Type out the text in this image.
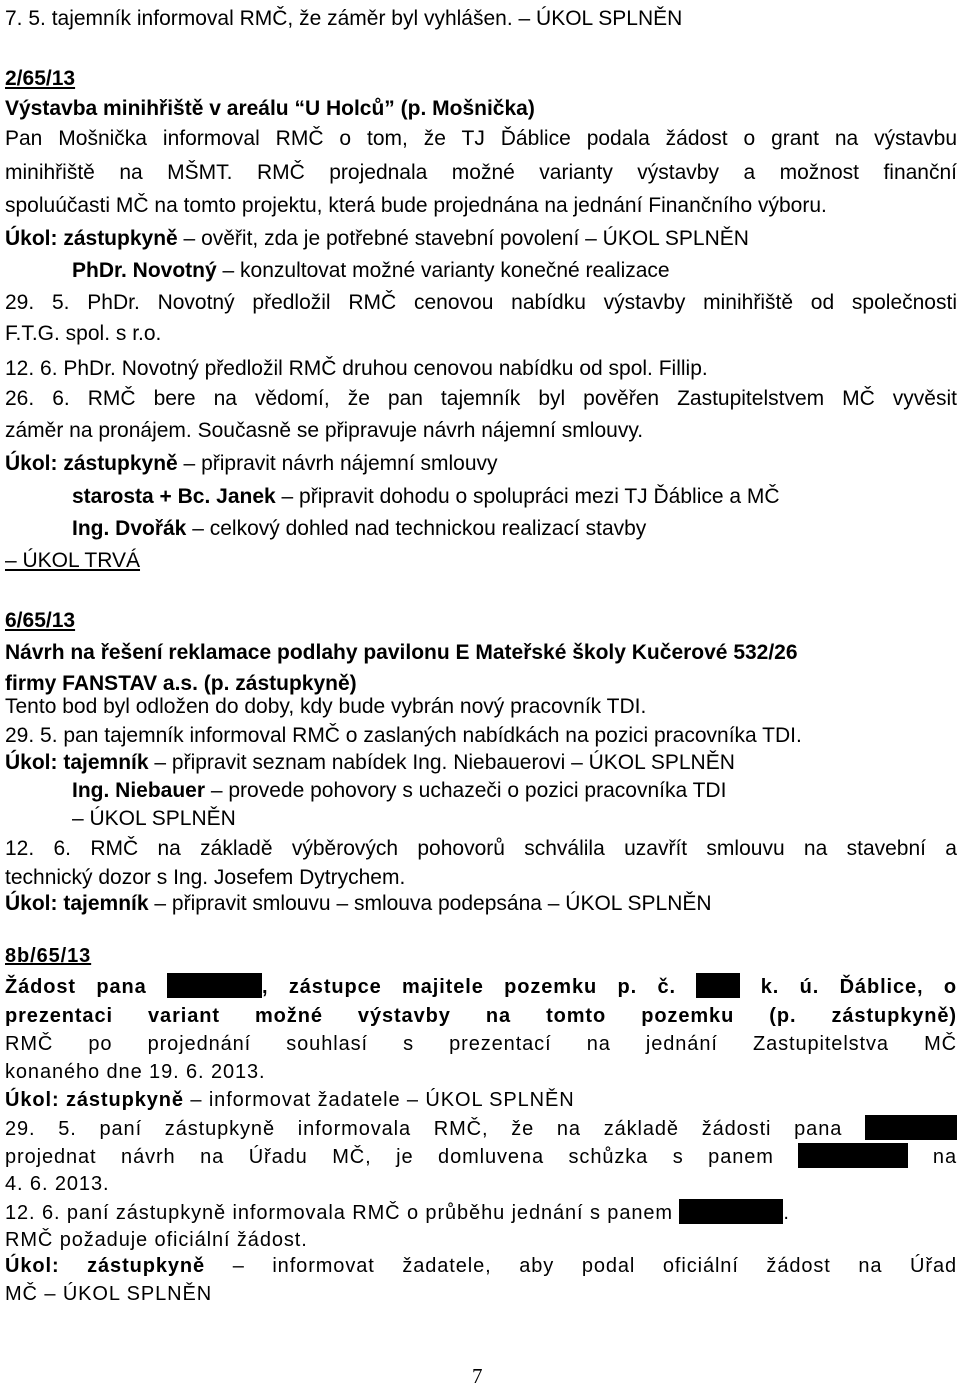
7. 5. tajemník informoval RMČ, že záměr byl vyhlášen. – ÚKOL SPLNĚN
2/65/13
Výstavba minihřiště v areálu “U Holců” (p. Mošnička)
Pan Mošnička informoval RMČ o tom, že TJ Ďáblice podala žádost o grant na výstavbu
minihřiště na MŠMT. RMČ projednala možné varianty výstavby a možnost finanční
spoluúčasti MČ na tomto projektu, která bude projednána na jednání Finančního výboru.
Úkol: zástupkyně – ověřit, zda je potřebné stavební povolení – ÚKOL SPLNĚN
PhDr. Novotný – konzultovat možné varianty konečné realizace
29. 5. PhDr. Novotný předložil RMČ cenovou nabídku výstavby minihřiště od společnosti
F.T.G. spol. s r.o.
12. 6. PhDr. Novotný předložil RMČ druhou cenovou nabídku od spol. Fillip.
26. 6. RMČ bere na vědomí, že pan tajemník byl pověřen Zastupitelstvem MČ vyvěsit
záměr na pronájem. Současně se připravuje návrh nájemní smlouvy.
Úkol: zástupkyně – připravit návrh nájemní smlouvy
starosta + Bc. Janek – připravit dohodu o spolupráci mezi TJ Ďáblice a MČ
Ing. Dvořák – celkový dohled nad technickou realizací stavby
– ÚKOL TRVÁ
6/65/13
Návrh na řešení reklamace podlahy pavilonu E Mateřské školy Kučerové 532/26
firmy FANSTAV a.s. (p. zástupkyně)
Tento bod byl odložen do doby, kdy bude vybrán nový pracovník TDI.
29. 5. pan tajemník informoval RMČ o zaslaných nabídkách na pozici pracovníka TDI.
Úkol: tajemník – připravit seznam nabídek Ing. Niebauerovi – ÚKOL SPLNĚN
Ing. Niebauer – provede pohovory s uchazeči o pozici pracovníka TDI
– ÚKOL SPLNĚN
12. 6. RMČ na základě výběrových pohovorů schválila uzavřít smlouvu na stavební a
technický dozor s Ing. Josefem Dytrychem.
Úkol: tajemník – připravit smlouvu – smlouva podepsána – ÚKOL SPLNĚN
8b/65/13
Žádost pana	, zástupce majitele pozemku p. č.  k. ú. Ďáblice, o
prezentaci variant možné výstavby na tomto pozemku (p. zástupkyně)
RMČ po projednání souhlasí s prezentací na jednání Zastupitelstva MČ
konaného dne 19. 6. 2013.
Úkol: zástupkyně – informovat žadatele – ÚKOL SPLNĚN
29. 5. paní zástupkyně informovala RMČ, že na základě žádosti pana
projednat návrh na Úřadu MČ, je domluvena schůzka s panem	na
4. 6. 2013.
12. 6. paní zástupkyně informovala RMČ o průběhu jednání s panem	.
RMČ požaduje oficiální žádost.
Úkol: zástupkyně – informovat žadatele, aby podal oficiální žádost na Úřad
MČ – ÚKOL SPLNĚN
7
